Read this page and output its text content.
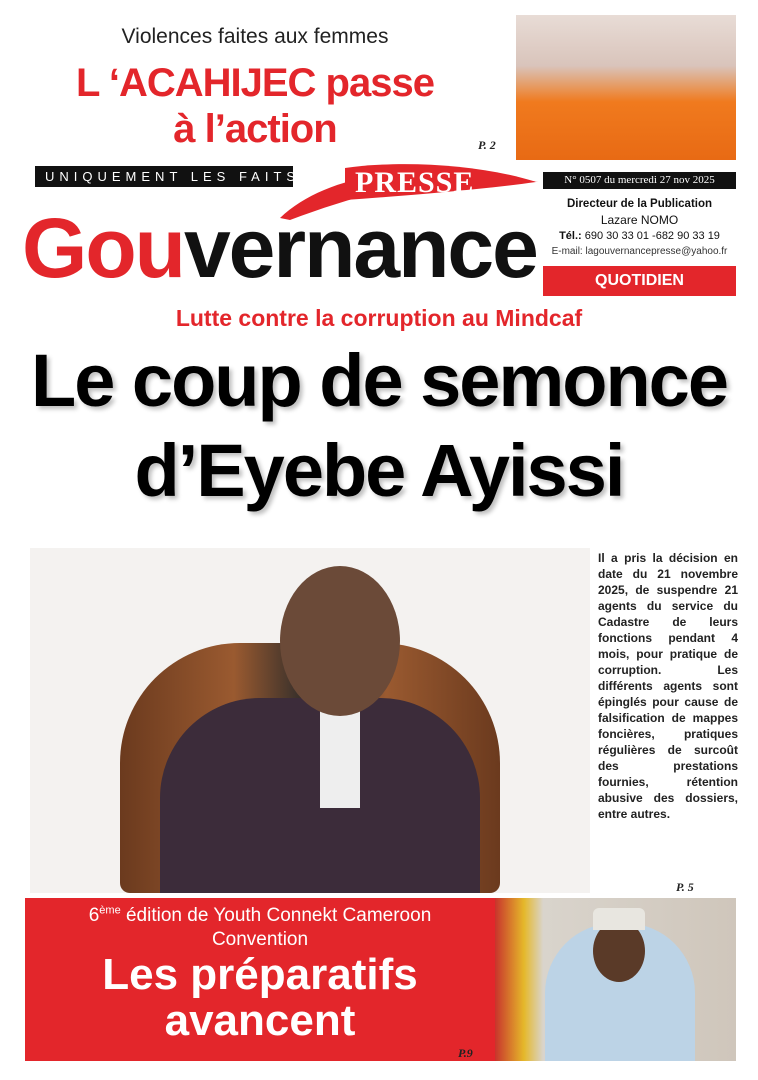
Violences faites aux femmes
L ‘ACAHIJEC passe
à l’action	P. 2
UNIQUEMENT LES FAITS PRESSE
Gouvernance
N° 0507 du mercredi 27 nov 2025
Directeur de la Publication
Lazare NOMO
Tél.: 690 30 33 01 -682 90 33 19
E-mail: lagouvernancepresse@yahoo.fr
QUOTIDIEN
Lutte contre la corruption au Mindcaf
Le coup de semonce
d’Eyebe Ayissi
Il a pris la décision en date du 21 novembre 2025, de suspendre 21 agents du service du Cadastre de leurs fonctions pendant 4 mois, pour pratique de corruption. Les différents agents sont épinglés pour cause de falsification de mappes foncières, pratiques régulières de surcoût des prestations fournies, rétention abusive des dossiers, entre autres.
P. 5
6ème édition de Youth Connekt Cameroon
Convention
Les préparatifs
avancent
P.9
